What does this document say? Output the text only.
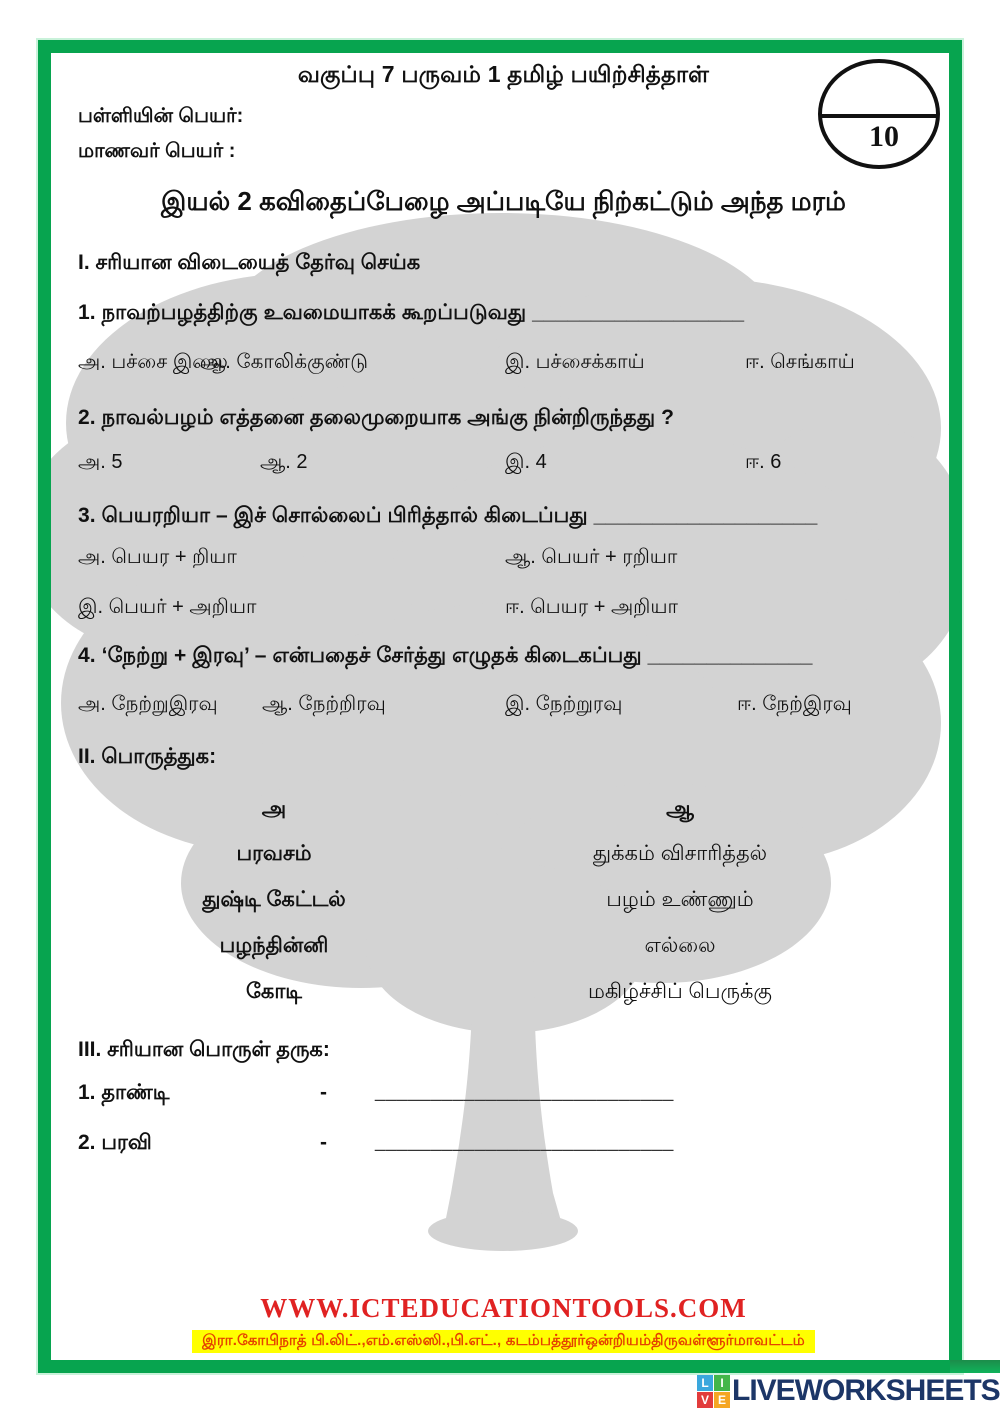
10
வகுப்பு 7 பருவம் 1 தமிழ் பயிற்சித்தாள்
பள்ளியின் பெயர்:
மாணவர் பெயர் :
இயல் 2 கவிதைப்பேழை அப்படியே நிற்கட்டும் அந்த மரம்
I. சரியான விடையைத் தேர்வு செய்க
1. நாவற்பழத்திற்கு உவமையாகக் கூறப்படுவது __________________
அ. பச்சை இலை
ஆ. கோலிக்குண்டு	இ. பச்சைக்காய்	ஈ. செங்காய்
2. நாவல்பழம் எத்தனை தலைமுறையாக அங்கு நின்றிருந்தது ?
அ. 5	ஆ. 2	இ. 4	ஈ. 6
3. பெயரறியா – இச் சொல்லைப் பிரித்தால் கிடைப்பது ___________________
அ. பெயர + றியா	ஆ. பெயர் + ரறியா
இ. பெயர் + அறியா	ஈ. பெயர + அறியா
4. ‘நேற்று + இரவு’ – என்பதைச் சேர்த்து எழுதக் கிடைகப்பது ______________
அ. நேற்றுஇரவு	ஆ. நேற்றிரவு	இ. நேற்றுரவு	ஈ. நேற்இரவு
II. பொருத்துக:
அ	ஆ
பரவசம்	துக்கம் விசாரித்தல்
துஷ்டி கேட்டல்	பழம் உண்ணும்
பழந்தின்னி	எல்லை
கோடி	மகிழ்ச்சிப் பெருக்கு
III. சரியான பொருள் தருக:
1. தாண்டி	-	___________________________
2. பரவி	-	___________________________
WWW.ICTEDUCATIONTOOLS.COM
இரா.கோபிநாத் பி.லிட்.,எம்.எஸ்ஸி.,பி.எட்., கடம்பத்தூர்ஒன்றியம்திருவள்ளூர்மாவட்டம்
L I
V E LIVEWORKSHEETS
